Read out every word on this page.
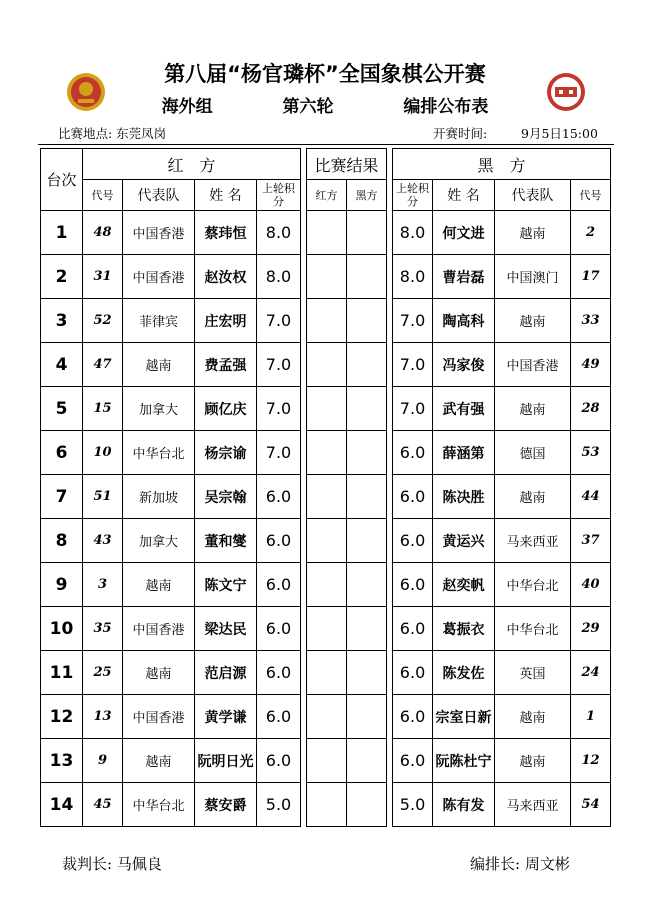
第八届“杨官璘杯”全国象棋公开赛
海外组	第六轮	编排公布表
比赛地点: 东莞凤岗	开赛时间:	9月5日15:00
台次	红　方					比赛结果			黑　方			
	代号	代表队	姓 名	上轮积分		红方	黑方		上轮积分	姓 名	代表队	代号
1	48	中国香港	蔡玮恒	8.0					8.0	何文进	越南	2
2	31	中国香港	赵汝权	8.0					8.0	曹岩磊	中国澳门	17
3	52	菲律宾	庄宏明	7.0					7.0	陶高科	越南	33
4	47	越南	费孟强	7.0					7.0	冯家俊	中国香港	49
5	15	加拿大	顾亿庆	7.0					7.0	武有强	越南	28
6	10	中华台北	杨宗谕	7.0					6.0	薛涵第	德国	53
7	51	新加坡	吴宗翰	6.0					6.0	陈决胜	越南	44
8	43	加拿大	董和燮	6.0					6.0	黄运兴	马来西亚	37
9	3	越南	陈文宁	6.0					6.0	赵奕帆	中华台北	40
10	35	中国香港	梁达民	6.0					6.0	葛振衣	中华台北	29
11	25	越南	范启源	6.0					6.0	陈发佐	英国	24
12	13	中国香港	黄学谦	6.0					6.0	宗室日新	越南	1
13	9	越南	阮明日光	6.0					6.0	阮陈杜宁	越南	12
14	45	中华台北	蔡安爵	5.0					5.0	陈有发	马来西亚	54
裁判长: 马佩良	编排长: 周文彬
